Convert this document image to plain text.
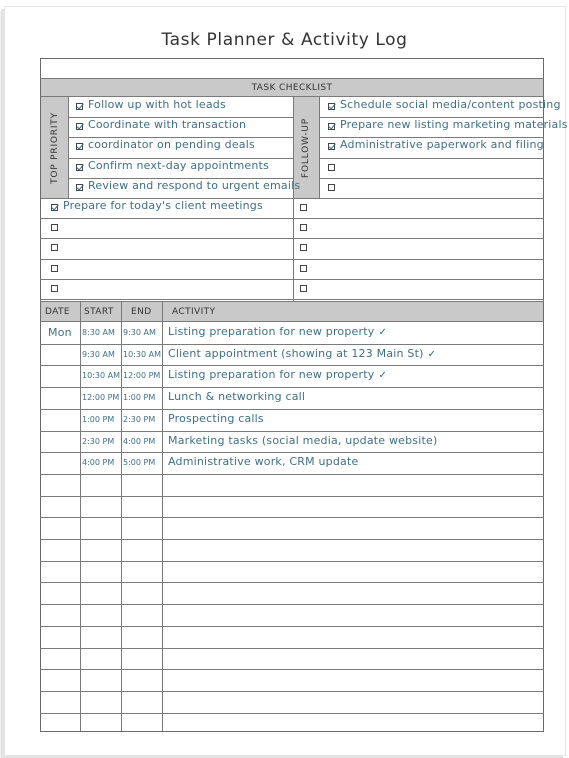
Task Planner & Activity Log
TASK CHECKLIST
TOP PRIORITY	FOLLOW-UP
DATE START END ACTIVITY
Follow up with hot leads
Coordinate with transaction
coordinator on pending deals
Confirm next-day appointments
Review and respond to urgent emails
Schedule social media/content posting
Prepare new listing marketing materials
Administrative paperwork and filing
Prepare for today's client meetings
Mon 8:30 AM 9:30 AM Listing preparation for new property ✓
9:30 AM 10:30 AM Client appointment (showing at 123 Main St) ✓
10:30 AM 12:00 PM Listing preparation for new property ✓
12:00 PM 1:00 PM Lunch & networking call
1:00 PM 2:30 PM Prospecting calls
2:30 PM 4:00 PM Marketing tasks (social media, update website)
4:00 PM 5:00 PM Administrative work, CRM update
